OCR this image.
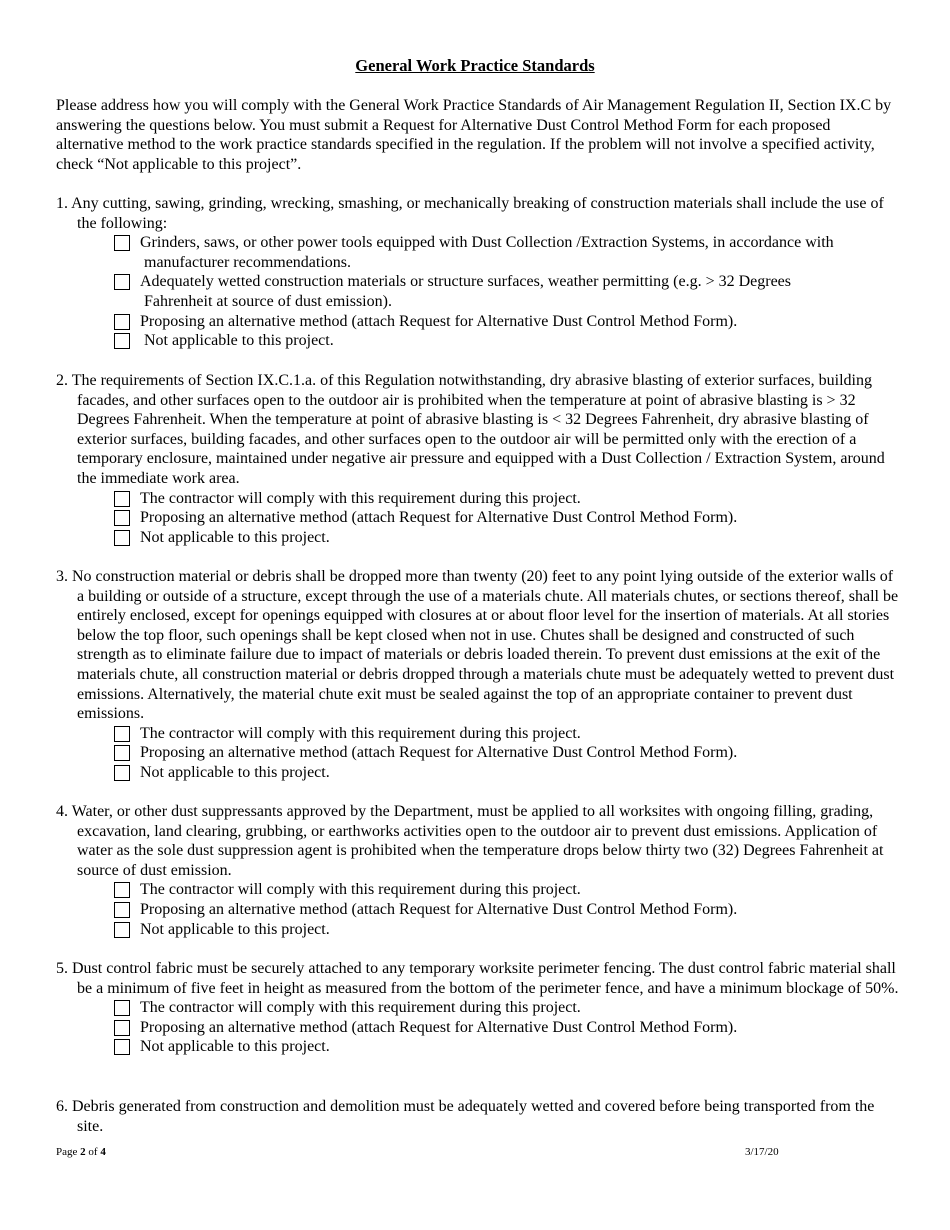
General Work Practice Standards
Please address how you will comply with the General Work Practice Standards of Air Management Regulation II, Section IX.C by answering the questions below. You must submit a Request for Alternative Dust Control Method Form for each proposed alternative method to the work practice standards specified in the regulation. If the problem will not involve a specified activity, check “Not applicable to this project”.
1. Any cutting, sawing, grinding, wrecking, smashing, or mechanically breaking of construction materials shall include the use of the following:
Grinders, saws, or other power tools equipped with Dust Collection /Extraction Systems, in accordance with
manufacturer recommendations.
Adequately wetted construction materials or structure surfaces, weather permitting (e.g. > 32 Degrees
Fahrenheit at source of dust emission).
Proposing an alternative method (attach Request for Alternative Dust Control Method Form).
Not applicable to this project.
2. The requirements of Section IX.C.1.a. of this Regulation notwithstanding, dry abrasive blasting of exterior surfaces, building facades, and other surfaces open to the outdoor air is prohibited when the temperature at point of abrasive blasting is > 32 Degrees Fahrenheit. When the temperature at point of abrasive blasting is < 32 Degrees Fahrenheit, dry abrasive blasting of exterior surfaces, building facades, and other surfaces open to the outdoor air will be permitted only with the erection of a temporary enclosure, maintained under negative air pressure and equipped with a Dust Collection / Extraction System, around the immediate work area.
The contractor will comply with this requirement during this project.
Proposing an alternative method (attach Request for Alternative Dust Control Method Form).
Not applicable to this project.
3. No construction material or debris shall be dropped more than twenty (20) feet to any point lying outside of the exterior walls of a building or outside of a structure, except through the use of a materials chute. All materials chutes, or sections thereof, shall be entirely enclosed, except for openings equipped with closures at or about floor level for the insertion of materials. At all stories below the top floor, such openings shall be kept closed when not in use. Chutes shall be designed and constructed of such strength as to eliminate failure due to impact of materials or debris loaded therein. To prevent dust emissions at the exit of the materials chute, all construction material or debris dropped through a materials chute must be adequately wetted to prevent dust emissions. Alternatively, the material chute exit must be sealed against the top of an appropriate container to prevent dust emissions.
The contractor will comply with this requirement during this project.
Proposing an alternative method (attach Request for Alternative Dust Control Method Form).
Not applicable to this project.
4. Water, or other dust suppressants approved by the Department, must be applied to all worksites with ongoing filling, grading, excavation, land clearing, grubbing, or earthworks activities open to the outdoor air to prevent dust emissions. Application of water as the sole dust suppression agent is prohibited when the temperature drops below thirty two (32) Degrees Fahrenheit at source of dust emission.
The contractor will comply with this requirement during this project.
Proposing an alternative method (attach Request for Alternative Dust Control Method Form).
Not applicable to this project.
5. Dust control fabric must be securely attached to any temporary worksite perimeter fencing. The dust control fabric material shall be a minimum of five feet in height as measured from the bottom of the perimeter fence, and have a minimum blockage of 50%.
The contractor will comply with this requirement during this project.
Proposing an alternative method (attach Request for Alternative Dust Control Method Form).
Not applicable to this project.
6. Debris generated from construction and demolition must be adequately wetted and covered before being transported from the site.
Page 2 of 4	3/17/20
